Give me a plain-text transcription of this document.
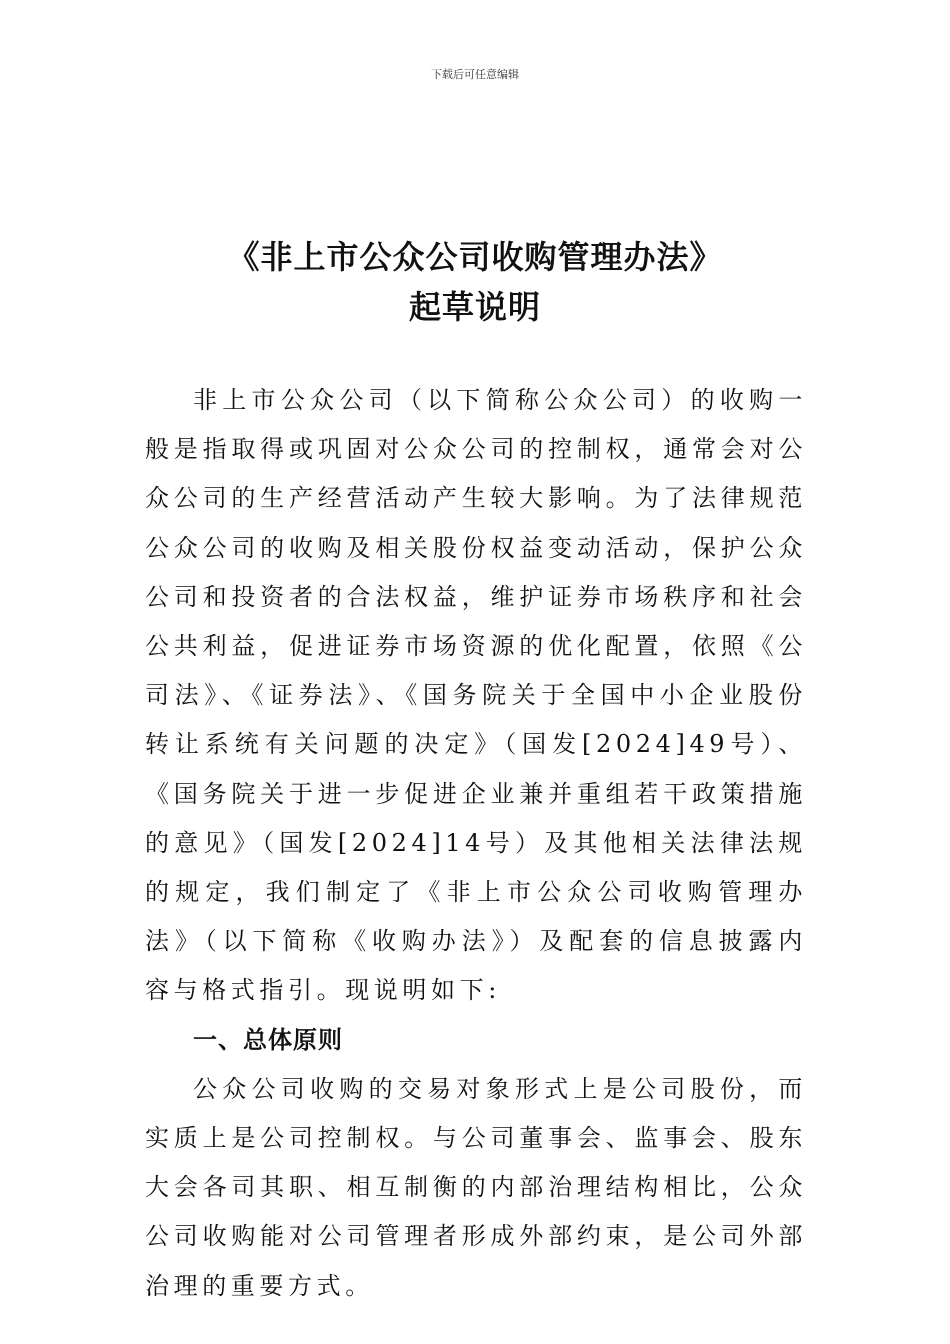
下载后可任意编辑
《非上市公众公司收购管理办法》
起草说明

非上市公众公司（以下简称公众公司）的收购一般是指取得或巩固对公众公司的控制权，通常会对公众公司的生产经营活动产生较大影响。为了法律规范公众公司的收购及相关股份权益变动活动，保护公众公司和投资者的合法权益，维护证券市场秩序和社会公共利益，促进证券市场资源的优化配置，依照《公司法》、《证券法》、《国务院关于全国中小企业股份转让系统有关问题的决定》（国发[2024]49号）、《国务院关于进一步促进企业兼并重组若干政策措施的意见》（国发[2024]14号）及其他相关法律法规的规定，我们制定了《非上市公众公司收购管理办法》（以下简称《收购办法》）及配套的信息披露内容与格式指引。现说明如下:

一、总体原则

公众公司收购的交易对象形式上是公司股份，而实质上是公司控制权。与公司董事会、监事会、股东大会各司其职、相互制衡的内部治理结构相比，公众公司收购能对公司管理者形成外部约束，是公司外部治理的重要方式。
